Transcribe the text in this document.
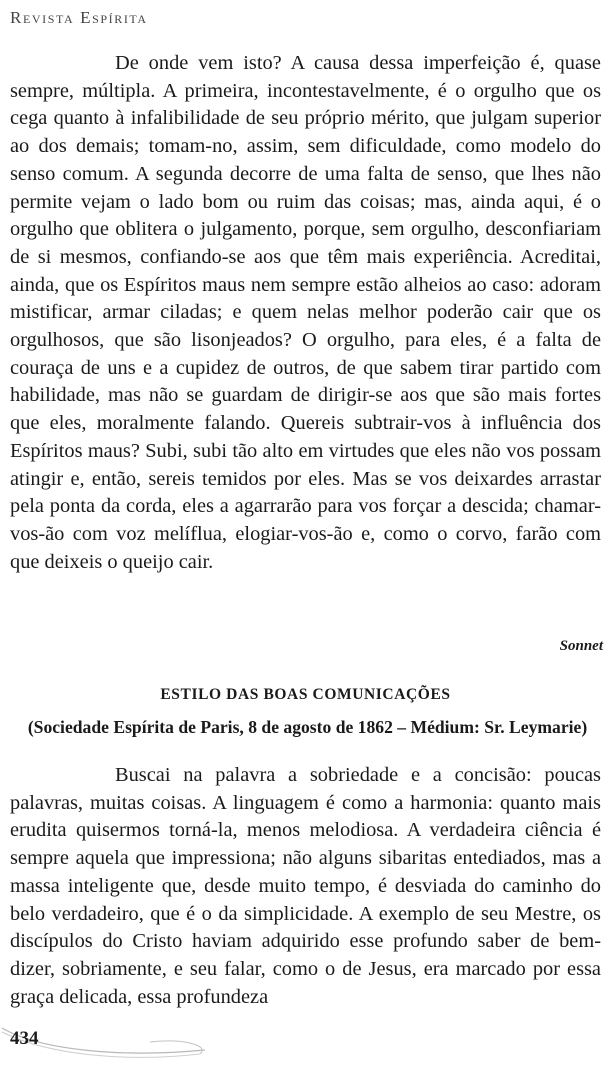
Revista Espírita

De onde vem isto? A causa dessa imperfeição é, quase sempre, múltipla. A primeira, incontestavelmente, é o orgulho que os cega quanto à infalibilidade de seu próprio mérito, que julgam superior ao dos demais; tomam-no, assim, sem dificuldade, como modelo do senso comum. A segunda decorre de uma falta de senso, que lhes não permite vejam o lado bom ou ruim das coisas; mas, ainda aqui, é o orgulho que oblitera o julgamento, porque, sem orgulho, desconfiariam de si mesmos, confiando-se aos que têm mais experiência. Acreditai, ainda, que os Espíritos maus nem sempre estão alheios ao caso: adoram mistificar, armar ciladas; e quem nelas melhor poderão cair que os orgulhosos, que são lisonjeados? O orgulho, para eles, é a falta de couraça de uns e a cupidez de outros, de que sabem tirar partido com habilidade, mas não se guardam de dirigir-se aos que são mais fortes que eles, moralmente falando. Quereis subtrair-vos à influência dos Espíritos maus? Subi, subi tão alto em virtudes que eles não vos possam atingir e, então, sereis temidos por eles. Mas se vos deixardes arrastar pela ponta da corda, eles a agarrarão para vos forçar a descida; chamar-vos-ão com voz melíflua, elogiar-vos-ão e, como o corvo, farão com que deixeis o queijo cair.

Sonnet
ESTILO DAS BOAS COMUNICAÇÕES
(Sociedade Espírita de Paris, 8 de agosto de 1862 – Médium: Sr. Leymarie)

Buscai na palavra a sobriedade e a concisão: poucas palavras, muitas coisas. A linguagem é como a harmonia: quanto mais erudita quisermos torná-la, menos melodiosa. A verdadeira ciência é sempre aquela que impressiona; não alguns sibaritas entediados, mas a massa inteligente que, desde muito tempo, é desviada do caminho do belo verdadeiro, que é o da simplicidade. A exemplo de seu Mestre, os discípulos do Cristo haviam adquirido esse profundo saber de bem-dizer, sobriamente, e seu falar, como o de Jesus, era marcado por essa graça delicada, essa profundeza

434
